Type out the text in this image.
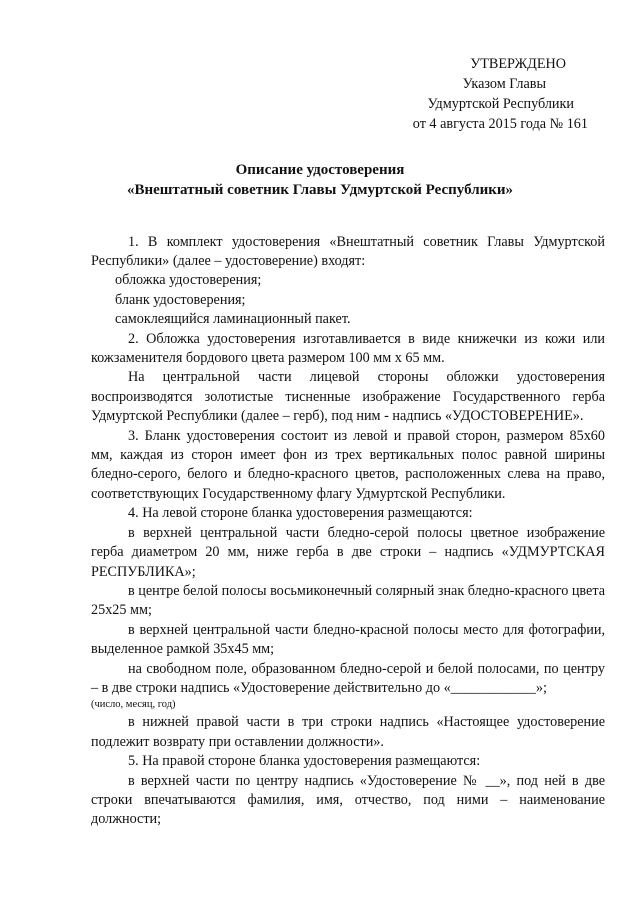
УТВЕРЖДЕНО
Указом Главы
Удмуртской Республики
от 4 августа 2015 года № 161
Описание удостоверения
«Внештатный советник Главы Удмуртской Республики»

1. В комплект удостоверения «Внештатный советник Главы Удмуртской Республики» (далее – удостоверение) входят:

обложка удостоверения;

бланк удостоверения;

самоклеящийся ламинационный пакет.

2. Обложка удостоверения изготавливается в виде книжечки из кожи или кожзаменителя бордового цвета размером 100 мм х 65 мм.

На центральной части лицевой стороны обложки удостоверения воспроизводятся золотистые тисненные изображение Государственного герба Удмуртской Республики (далее – герб), под ним - надпись «УДОСТОВЕРЕНИЕ».

3. Бланк удостоверения состоит из левой и правой сторон, размером 85х60 мм, каждая из сторон имеет фон из трех вертикальных полос равной ширины бледно-серого, белого и бледно-красного цветов, расположенных слева на право, соответствующих Государственному флагу Удмуртской Республики.

4. На левой стороне бланка удостоверения размещаются:

в верхней центральной части бледно-серой полосы цветное изображение герба диаметром 20 мм, ниже герба в две строки – надпись «УДМУРТСКАЯ РЕСПУБЛИКА»;

в центре белой полосы восьмиконечный солярный знак бледно-красного цвета 25х25 мм;

в верхней центральной части бледно-красной полосы место для фотографии, выделенное рамкой 35х45 мм;

на свободном поле, образованном бледно-серой и белой полосами, по центру – в две строки надпись «Удостоверение действительно до «____________»;

(число, месяц, год)

в нижней правой части в три строки надпись «Настоящее удостоверение подлежит возврату при оставлении должности».

5. На правой стороне бланка удостоверения размещаются:

в верхней части по центру надпись «Удостоверение № __», под ней в две строки впечатываются фамилия, имя, отчество, под ними – наименование должности;
